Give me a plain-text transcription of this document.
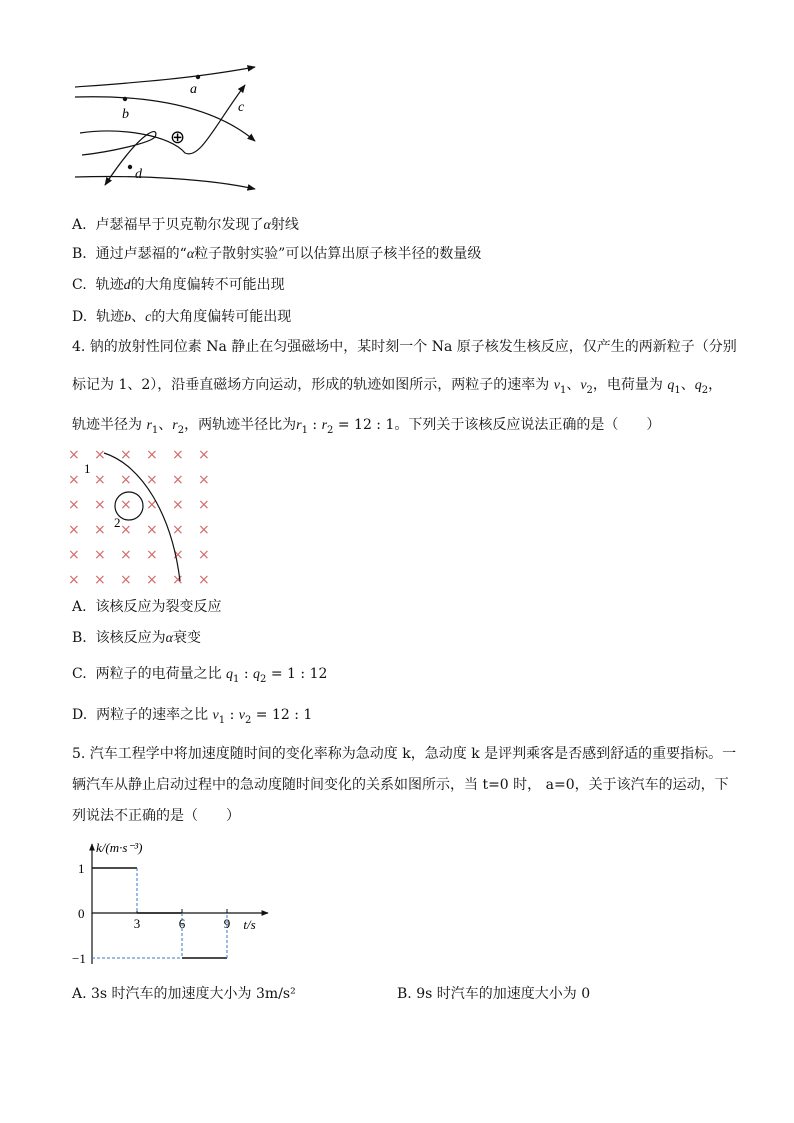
a
b	c
d
⊕
A. 卢瑟福早于贝克勒尔发现了α射线
B. 通过卢瑟福的“α粒子散射实验”可以估算出原子核半径的数量级
C. 轨迹d的大角度偏转不可能出现
D. 轨迹b、c的大角度偏转可能出现
4. 钠的放射性同位素 Na 静止在匀强磁场中，某时刻一个 Na 原子核发生核反应，仅产生的两新粒子（分别
标记为 1、2），沿垂直磁场方向运动，形成的轨迹如图所示，两粒子的速率为 $v_1$、$v_2$，电荷量为 $q_1$、$q_2$，
轨迹半径为 $r_1$、$r_2$，两轨迹半径比为$r_1$ : $r_2 = 12$ : 1。下列关于该核反应说法正确的是（　　）
× × × × × ×
× × × × × ×
× × × × × ×
× × × × × ×
× × × × × ×
× × × × × ×
1
2
A. 该核反应为裂变反应
B. 该核反应为α衰变
C. 两粒子的电荷量之比 $q_1$ : $q_2 = 1$ : 12
D. 两粒子的速率之比 $v_1$ : $v_2 = 12$ : 1
5. 汽车工程学中将加速度随时间的变化率称为急动度 k，急动度 k 是评判乘客是否感到舒适的重要指标。一
辆汽车从静止启动过程中的急动度随时间变化的关系如图所示，当 t=0 时， a=0，关于该汽车的运动，下
列说法不正确的是（　　）
3	6	9
1
0
−1
k/(m·s⁻³)
t/s
A. 3s 时汽车的加速度大小为 3m/s²	B. 9s 时汽车的加速度大小为 0
